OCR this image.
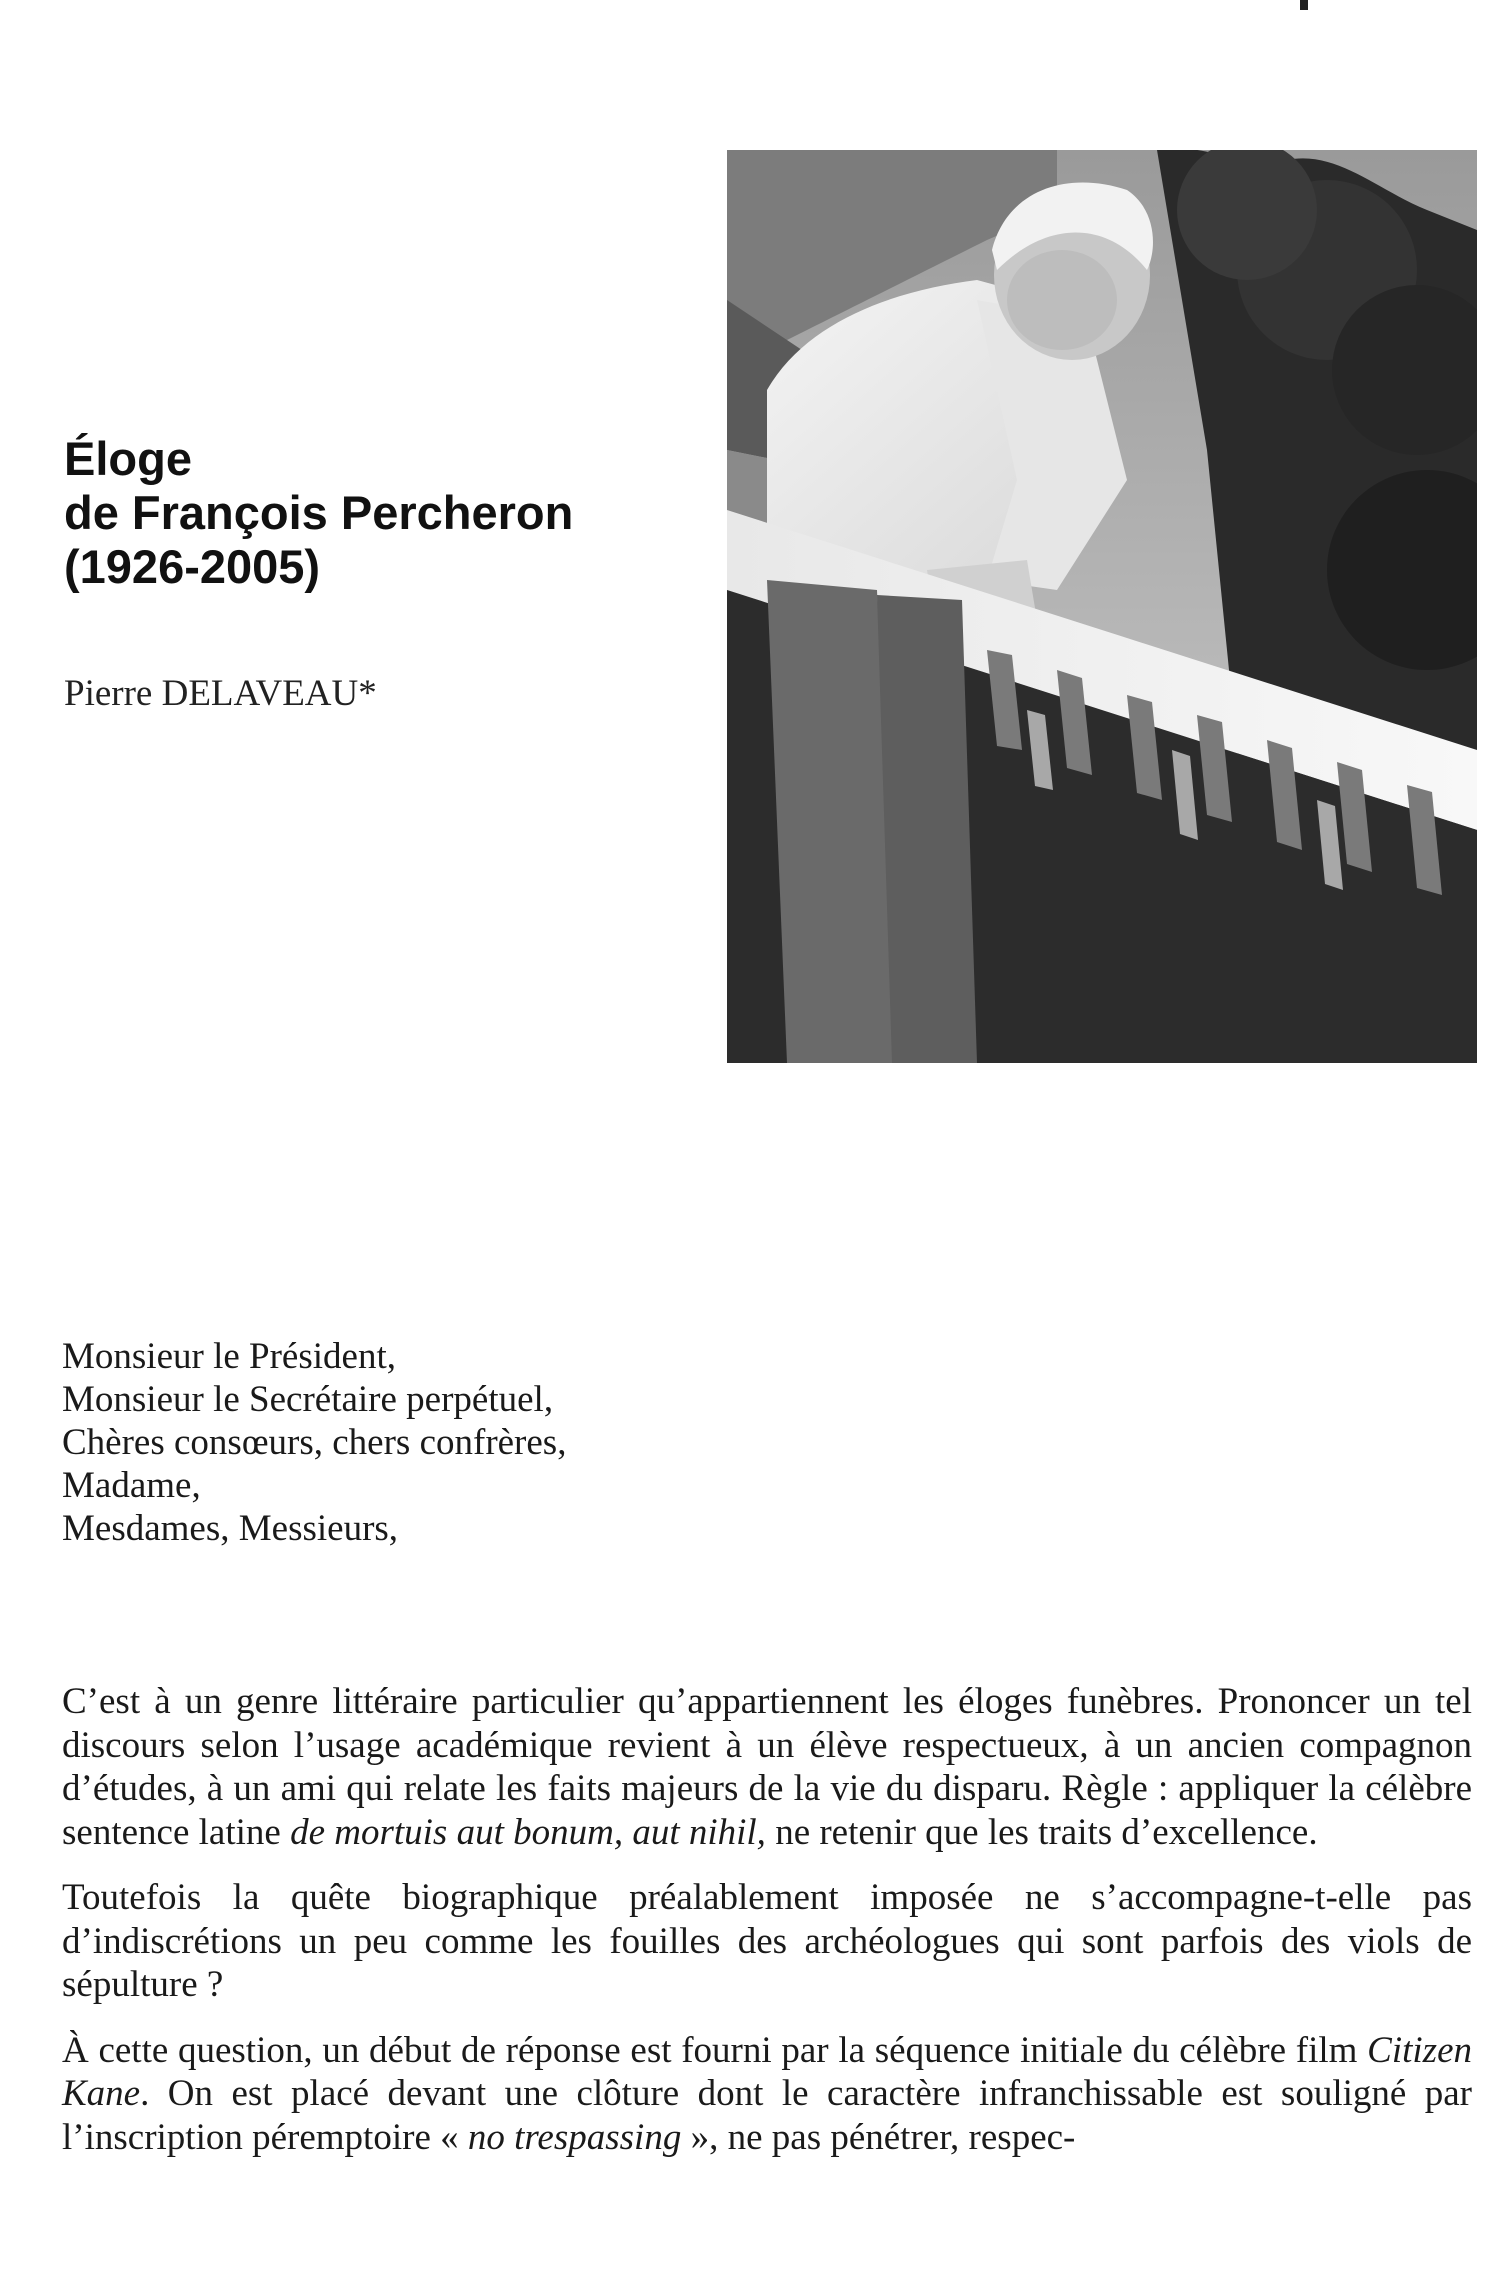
Éloge
de François Percheron
(1926-2005)
Pierre DELAVEAU*
Monsieur le Président,
Monsieur le Secrétaire perpétuel,
Chères consœurs, chers confrères,
Madame,
Mesdames, Messieurs,

C’est à un genre littéraire particulier qu’appartiennent les éloges funèbres. Prononcer un tel discours selon l’usage académique revient à un élève respectueux, à un ancien compagnon d’études, à un ami qui relate les faits majeurs de la vie du disparu. Règle : appliquer la célèbre sentence latine de mortuis aut bonum, aut nihil, ne retenir que les traits d’excellence.

Toutefois la quête biographique préalablement imposée ne s’accompagne-t-elle pas d’indiscrétions un peu comme les fouilles des archéologues qui sont parfois des viols de sépulture ?

À cette question, un début de réponse est fourni par la séquence initiale du célèbre film Citizen Kane. On est placé devant une clôture dont le caractère infranchissable est souligné par l’inscription péremptoire « no trespassing », ne pas pénétrer, respec-
